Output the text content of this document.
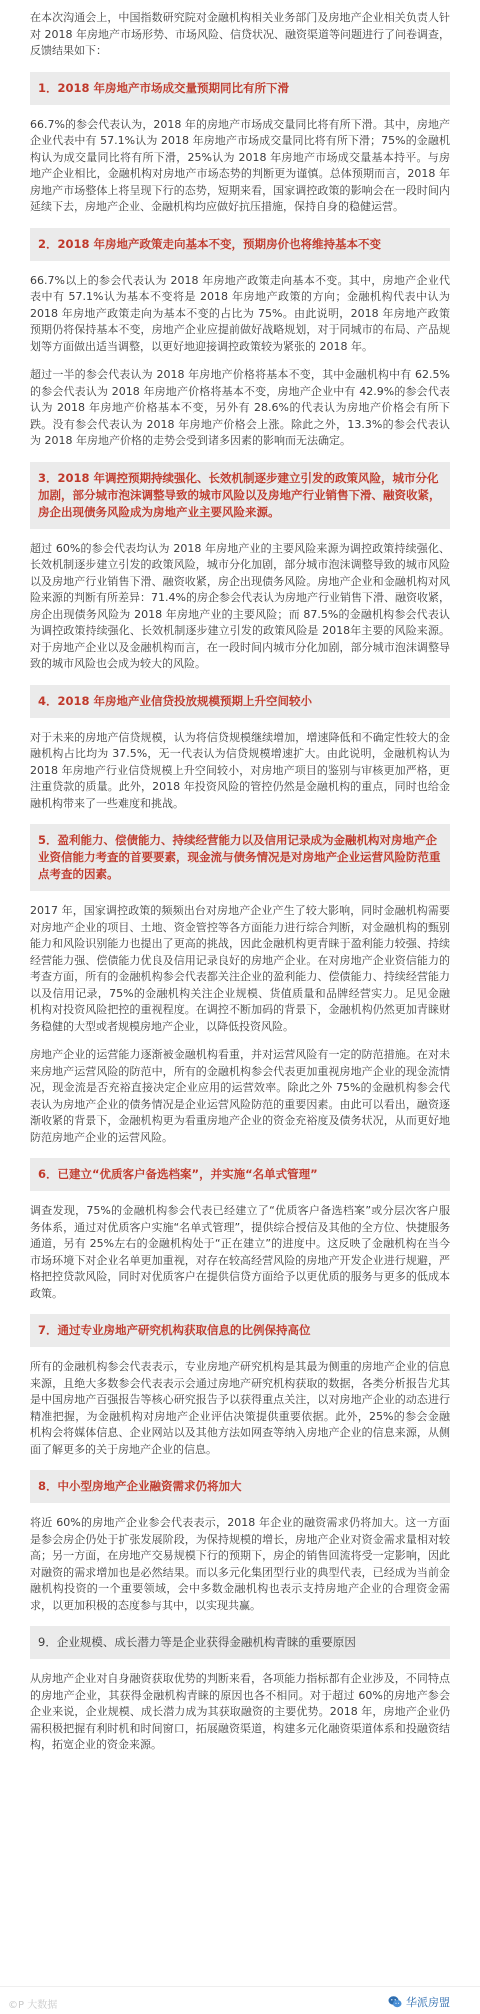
在本次沟通会上，中国指数研究院对金融机构相关业务部门及房地产企业相关负责人针对 2018 年房地产市场形势、市场风险、信贷状况、融资渠道等问题进行了问卷调查，反馈结果如下：

1．2018 年房地产市场成交量预期同比有所下滑

66.7%的参会代表认为，2018 年的房地产市场成交量同比将有所下滑。其中，房地产企业代表中有 57.1%认为 2018 年房地产市场成交量同比将有所下滑；75%的金融机构认为成交量同比将有所下滑，25%认为 2018 年房地产市场成交量基本持平。与房地产企业相比，金融机构对房地产市场态势的判断更为谨慎。总体预期而言，2018 年房地产市场整体上将呈现下行的态势，短期来看，国家调控政策的影响会在一段时间内延续下去，房地产企业、金融机构均应做好抗压措施，保持自身的稳健运营。

2．2018 年房地产政策走向基本不变，预期房价也将维持基本不变

66.7%以上的参会代表认为 2018 年房地产政策走向基本不变。其中，房地产企业代表中有 57.1%认为基本不变将是 2018 年房地产政策的方向；金融机构代表中认为 2018 年房地产政策走向为基本不变的占比为 75%。由此说明，2018 年房地产政策预期仍将保持基本不变，房地产企业应提前做好战略规划，对于同城市的布局、产品规划等方面做出适当调整，以更好地迎接调控政策较为紧张的 2018 年。

超过一半的参会代表认为 2018 年房地产价格将基本不变，其中金融机构中有 62.5%的参会代表认为 2018 年房地产价格将基本不变，房地产企业中有 42.9%的参会代表认为 2018 年房地产价格基本不变，另外有 28.6%的代表认为房地产价格会有所下跌。没有参会代表认为 2018 年房地产价格会上涨。除此之外，13.3%的参会代表认为 2018 年房地产价格的走势会受到诸多因素的影响而无法确定。

3．2018 年调控预期持续强化、长效机制逐步建立引发的政策风险，城市分化加剧，部分城市泡沫调整导致的城市风险以及房地产行业销售下滑、融资收紧，房企出现债务风险成为房地产业主要风险来源。

超过 60%的参会代表均认为 2018 年房地产业的主要风险来源为调控政策持续强化、长效机制逐步建立引发的政策风险，城市分化加剧，部分城市泡沫调整导致的城市风险以及房地产行业销售下滑、融资收紧，房企出现债务风险。房地产企业和金融机构对风险来源的判断有所差异：71.4%的房企参会代表认为房地产行业销售下滑、融资收紧，房企出现债务风险为 2018 年房地产业的主要风险；而 87.5%的金融机构参会代表认为调控政策持续强化、长效机制逐步建立引发的政策风险是 2018年主要的风险来源。对于房地产企业以及金融机构而言，在一段时间内城市分化加剧，部分城市泡沫调整导致的城市风险也会成为较大的风险。

4．2018 年房地产业信贷投放规模预期上升空间较小

对于未来的房地产信贷规模，认为将信贷规模继续增加，增速降低和不确定性较大的金融机构占比均为 37.5%，无一代表认为信贷规模增速扩大。由此说明，金融机构认为 2018 年房地产行业信贷规模上升空间较小，对房地产项目的鉴别与审核更加严格，更注重贷款的质量。此外，2018 年投资风险的管控仍然是金融机构的重点，同时也给金融机构带来了一些难度和挑战。

5．盈利能力、偿债能力、持续经营能力以及信用记录成为金融机构对房地产企业资信能力考查的首要要素，现金流与债务情况是对房地产企业运营风险防范重点考查的因素。

2017 年，国家调控政策的频频出台对房地产企业产生了较大影响，同时金融机构需要对房地产企业的项目、土地、资金管控等各方面能力进行综合判断，对金融机构的甄别能力和风险识别能力也提出了更高的挑战，因此金融机构更青睐于盈利能力较强、持续经营能力强、偿债能力优良及信用记录良好的房地产企业。在对房地产企业资信能力的考查方面，所有的金融机构参会代表都关注企业的盈利能力、偿债能力、持续经营能力以及信用记录，75%的金融机构关注企业规模、货值质量和品牌经营实力。足见金融机构对投资风险把控的重视程度。在调控不断加码的背景下，金融机构仍然更加青睐财务稳健的大型或者规模房地产企业，以降低投资风险。

房地产企业的运营能力逐渐被金融机构看重，并对运营风险有一定的防范措施。在对未来房地产运营风险的防范中，所有的金融机构参会代表更加重视房地产企业的现金流情况，现金流是否充裕直接决定企业应用的运营效率。除此之外 75%的金融机构参会代表认为房地产企业的债务情况是企业运营风险防范的重要因素。由此可以看出，融资逐渐收紧的背景下，金融机构更为看重房地产企业的资金充裕度及债务状况，从而更好地防范房地产企业的运营风险。

6．已建立“优质客户备选档案”，并实施“名单式管理”

调查发现，75%的金融机构参会代表已经建立了“优质客户备选档案”或分层次客户服务体系，通过对优质客户实施“名单式管理”，提供综合授信及其他的全方位、快捷服务通道，另有 25%左右的金融机构处于“正在建立”的进度中。这反映了金融机构在当今市场环境下对企业名单更加重视，对存在较高经营风险的房地产开发企业进行规避，严格把控贷款风险，同时对优质客户在提供信贷方面给予以更优质的服务与更多的低成本政策。

7．通过专业房地产研究机构获取信息的比例保持高位

所有的金融机构参会代表表示，专业房地产研究机构是其最为侧重的房地产企业的信息来源，且绝大多数参会代表表示会通过房地产研究机构获取的数据，各类分析报告尤其是中国房地产百强报告等核心研究报告予以获得重点关注，以对房地产企业的动态进行精准把握，为金融机构对房地产企业评估决策提供重要依据。此外，25%的参会金融机构会将媒体信息、企业网站以及其他方法如网查等纳入房地产企业的信息来源，从侧面了解更多的关于房地产企业的信息。

8．中小型房地产企业融资需求仍将加大

将近 60%的房地产企业参会代表表示，2018 年企业的融资需求仍将加大。这一方面是参会房企仍处于扩张发展阶段，为保持规模的增长，房地产企业对资金需求量相对较高；另一方面，在房地产交易规模下行的预期下，房企的销售回流将受一定影响，因此对融资的需求增加也是必然结果。而以多元化集团型行业的典型代表，已经成为当前金融机构投资的一个重要领域，会中多数金融机构也表示支持房地产企业的合理资金需求，以更加积极的态度参与其中，以实现共赢。

9．企业规模、成长潜力等是企业获得金融机构青睐的重要原因

从房地产企业对自身融资获取优势的判断来看，各项能力指标都有企业涉及，不同特点的房地产企业，其获得金融机构青睐的原因也各不相同。对于超过 60%的房地产参会企业来说，企业规模、成长潜力成为其获取融资的主要优势。2018 年，房地产企业仍需积极把握有利时机和时间窗口，拓展融资渠道，构建多元化融资渠道体系和投融资结构，拓宽企业的资金来源。

©P 大数据	华派房盟
